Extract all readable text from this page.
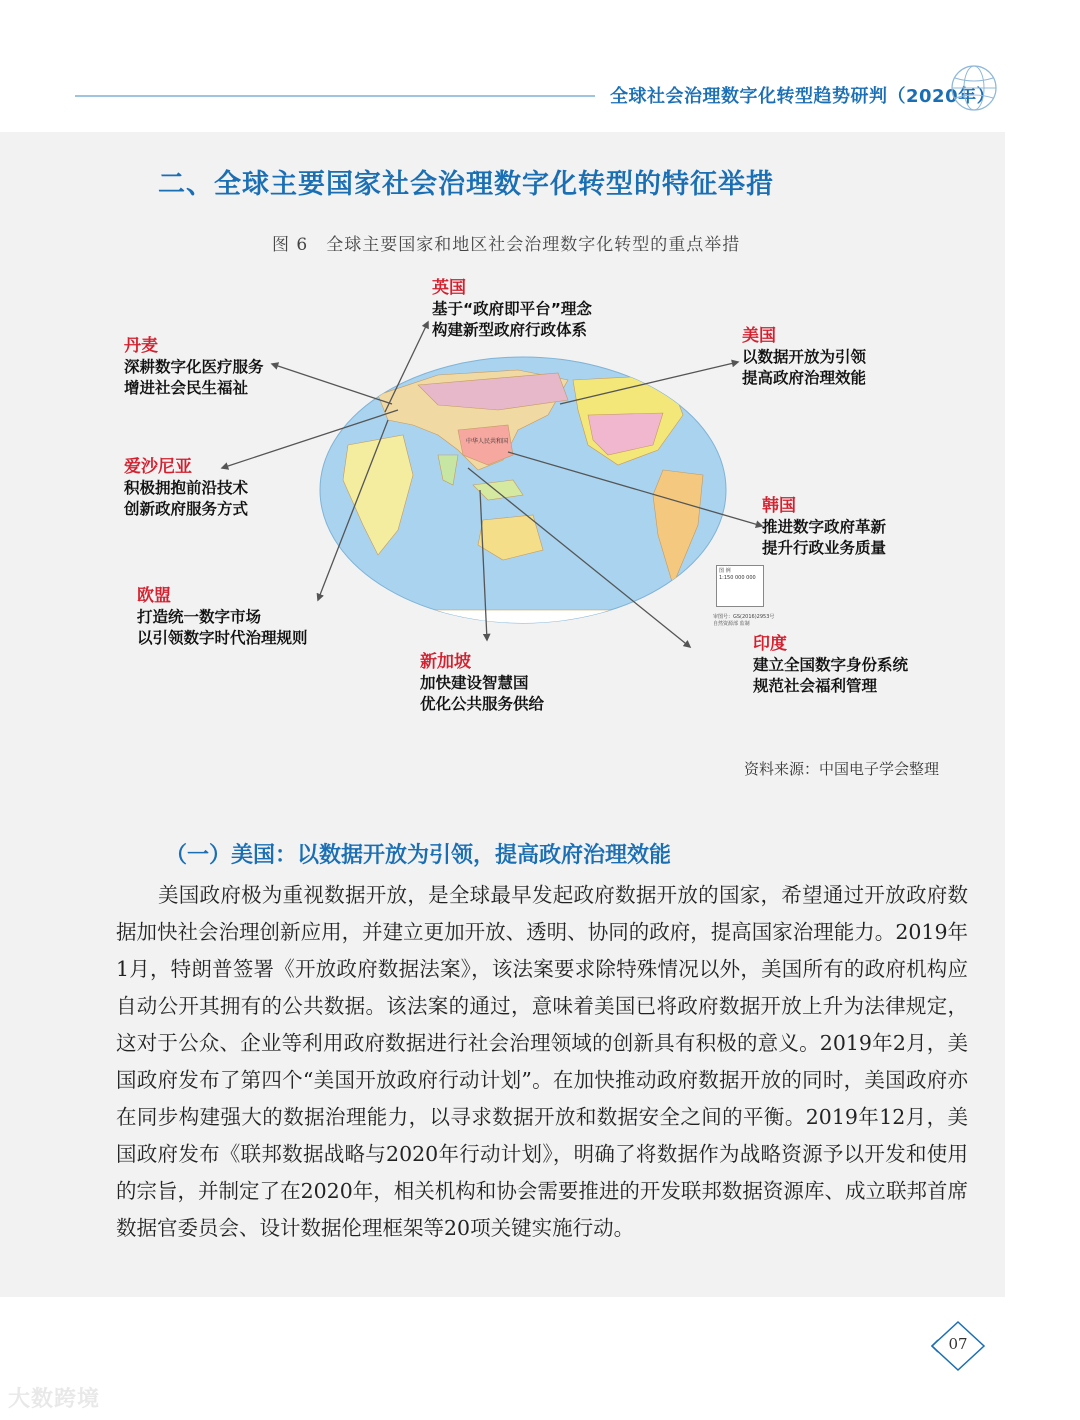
全球社会治理数字化转型趋势研判（2020年）
二、全球主要国家社会治理数字化转型的特征举措
图 6　全球主要国家和地区社会治理数字化转型的重点举措
中华人民共和国
图 例
1:150 000 000
审图号：GS(2016)2953号
自然资源部 监制
英国
基于“政府即平台”理念
构建新型政府行政体系
丹麦
深耕数字化医疗服务
增进社会民生福祉
美国
以数据开放为引领
提高政府治理效能
爱沙尼亚
积极拥抱前沿技术
创新政府服务方式	韩国
推进数字政府革新
提升行政业务质量
欧盟
打造统一数字市场
以引领数字时代治理规则	印度
建立全国数字身份系统
规范社会福利管理
新加坡
加快建设智慧国
优化公共服务供给
资料来源：中国电子学会整理
（一）美国：以数据开放为引领，提高政府治理效能

美国政府极为重视数据开放，是全球最早发起政府数据开放的国家，希望通过开放政府数据加快社会治理创新应用，并建立更加开放、透明、协同的政府，提高国家治理能力。2019年1月，特朗普签署《开放政府数据法案》，该法案要求除特殊情况以外，美国所有的政府机构应自动公开其拥有的公共数据。该法案的通过，意味着美国已将政府数据开放上升为法律规定，这对于公众、企业等利用政府数据进行社会治理领域的创新具有积极的意义。2019年2月，美国政府发布了第四个“美国开放政府行动计划”。在加快推动政府数据开放的同时，美国政府亦在同步构建强大的数据治理能力，以寻求数据开放和数据安全之间的平衡。2019年12月，美国政府发布《联邦数据战略与2020年行动计划》，明确了将数据作为战略资源予以开发和使用的宗旨，并制定了在2020年，相关机构和协会需要推进的开发联邦数据资源库、成立联邦首席数据官委员会、设计数据伦理框架等20项关键实施行动。

07
大数跨境
